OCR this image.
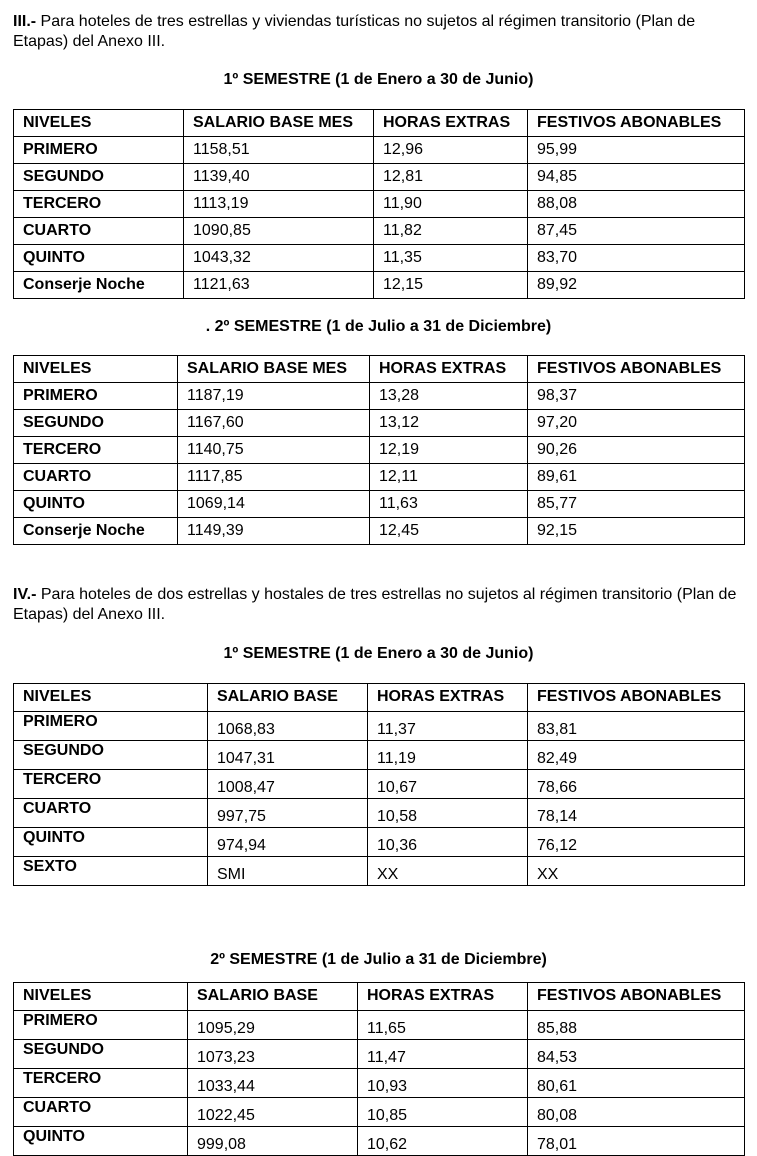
III.- Para hoteles de tres estrellas y viviendas turísticas no sujetos al régimen transitorio (Plan de Etapas) del Anexo III.
1º SEMESTRE (1 de Enero a 30 de Junio)
NIVELES	SALARIO BASE MES	HORAS EXTRAS	FESTIVOS ABONABLES
PRIMERO	1158,51	12,96	95,99
SEGUNDO	1139,40	12,81	94,85
TERCERO	1113,19	11,90	88,08
CUARTO	1090,85	11,82	87,45
QUINTO	1043,32	11,35	83,70
Conserje Noche	1121,63	12,15	89,92
. 2º SEMESTRE (1 de Julio a 31 de Diciembre)
NIVELES	SALARIO BASE MES	HORAS EXTRAS	FESTIVOS ABONABLES
PRIMERO	1187,19	13,28	98,37
SEGUNDO	1167,60	13,12	97,20
TERCERO	1140,75	12,19	90,26
CUARTO	1117,85	12,11	89,61
QUINTO	1069,14	11,63	85,77
Conserje Noche	1149,39	12,45	92,15
IV.- Para hoteles de dos estrellas y hostales de tres estrellas no sujetos al régimen transitorio (Plan de Etapas) del Anexo III.
1º SEMESTRE (1 de Enero a 30 de Junio)
NIVELES	SALARIO BASE	HORAS EXTRAS	FESTIVOS ABONABLES
PRIMERO	1068,83	11,37	83,81
SEGUNDO	1047,31	11,19	82,49
TERCERO	1008,47	10,67	78,66
CUARTO	997,75	10,58	78,14
QUINTO	974,94	10,36	76,12
SEXTO	SMI	XX	XX
2º SEMESTRE (1 de Julio a 31 de Diciembre)
NIVELES	SALARIO BASE	HORAS EXTRAS	FESTIVOS ABONABLES
PRIMERO	1095,29	11,65	85,88
SEGUNDO	1073,23	11,47	84,53
TERCERO	1033,44	10,93	80,61
CUARTO	1022,45	10,85	80,08
QUINTO	999,08	10,62	78,01
